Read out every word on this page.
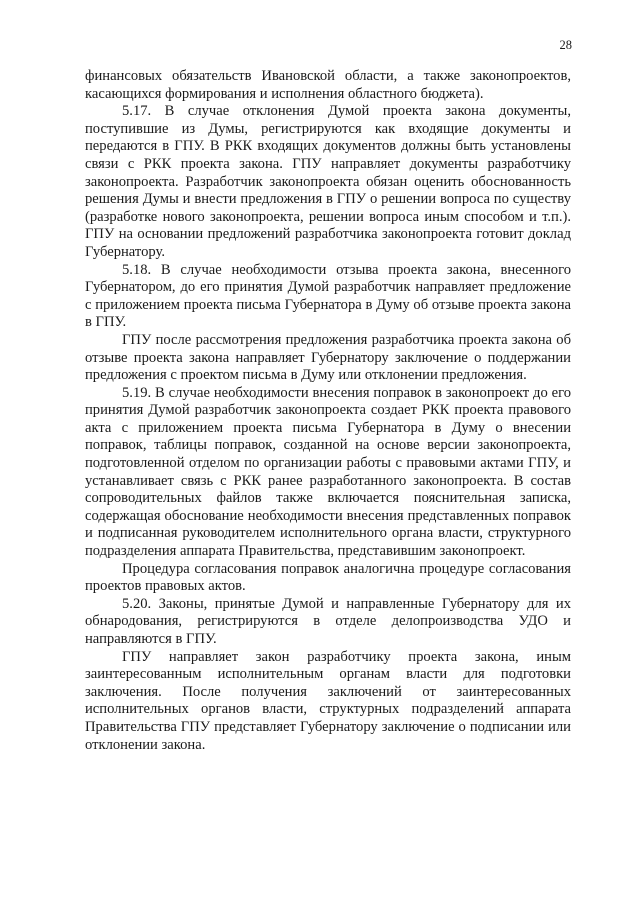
28

финансовых обязательств Ивановской области, а также законопроектов, касающихся формирования и исполнения областного бюджета).

5.17. В случае отклонения Думой проекта закона документы, поступившие из Думы, регистрируются как входящие документы и передаются в ГПУ. В РКК входящих документов должны быть установлены связи с РКК проекта закона. ГПУ направляет документы разработчику законопроекта. Разработчик законопроекта обязан оценить обоснованность решения Думы и внести предложения в ГПУ о решении вопроса по существу (разработке нового законопроекта, решении вопроса иным способом и т.п.). ГПУ на основании предложений разработчика законопроекта готовит доклад Губернатору.

5.18. В случае необходимости отзыва проекта закона, внесенного Губернатором, до его принятия Думой разработчик направляет предложение с приложением проекта письма Губернатора в Думу об отзыве проекта закона в ГПУ.

ГПУ после рассмотрения предложения разработчика проекта закона об отзыве проекта закона направляет Губернатору заключение о поддержании предложения с проектом письма в Думу или отклонении предложения.

5.19. В случае необходимости внесения поправок в законопроект до его принятия Думой разработчик законопроекта создает РКК проекта правового акта с приложением проекта письма Губернатора в Думу о внесении поправок, таблицы поправок, созданной на основе версии законопроекта, подготовленной отделом по организации работы с правовыми актами ГПУ, и устанавливает связь с РКК ранее разработанного законопроекта. В состав сопроводительных файлов также включается пояснительная записка, содержащая обоснование необходимости внесения представленных поправок и подписанная руководителем исполнительного органа власти, структурного подразделения аппарата Правительства, представившим законопроект.

Процедура согласования поправок аналогична процедуре согласования проектов правовых актов.

5.20. Законы, принятые Думой и направленные Губернатору для их обнародования, регистрируются в отделе делопроизводства УДО и направляются в ГПУ.

ГПУ направляет закон разработчику проекта закона, иным заинтересованным исполнительным органам власти для подготовки заключения. После получения заключений от заинтересованных исполнительных органов власти, структурных подразделений аппарата Правительства ГПУ представляет Губернатору заключение о подписании или отклонении закона.
